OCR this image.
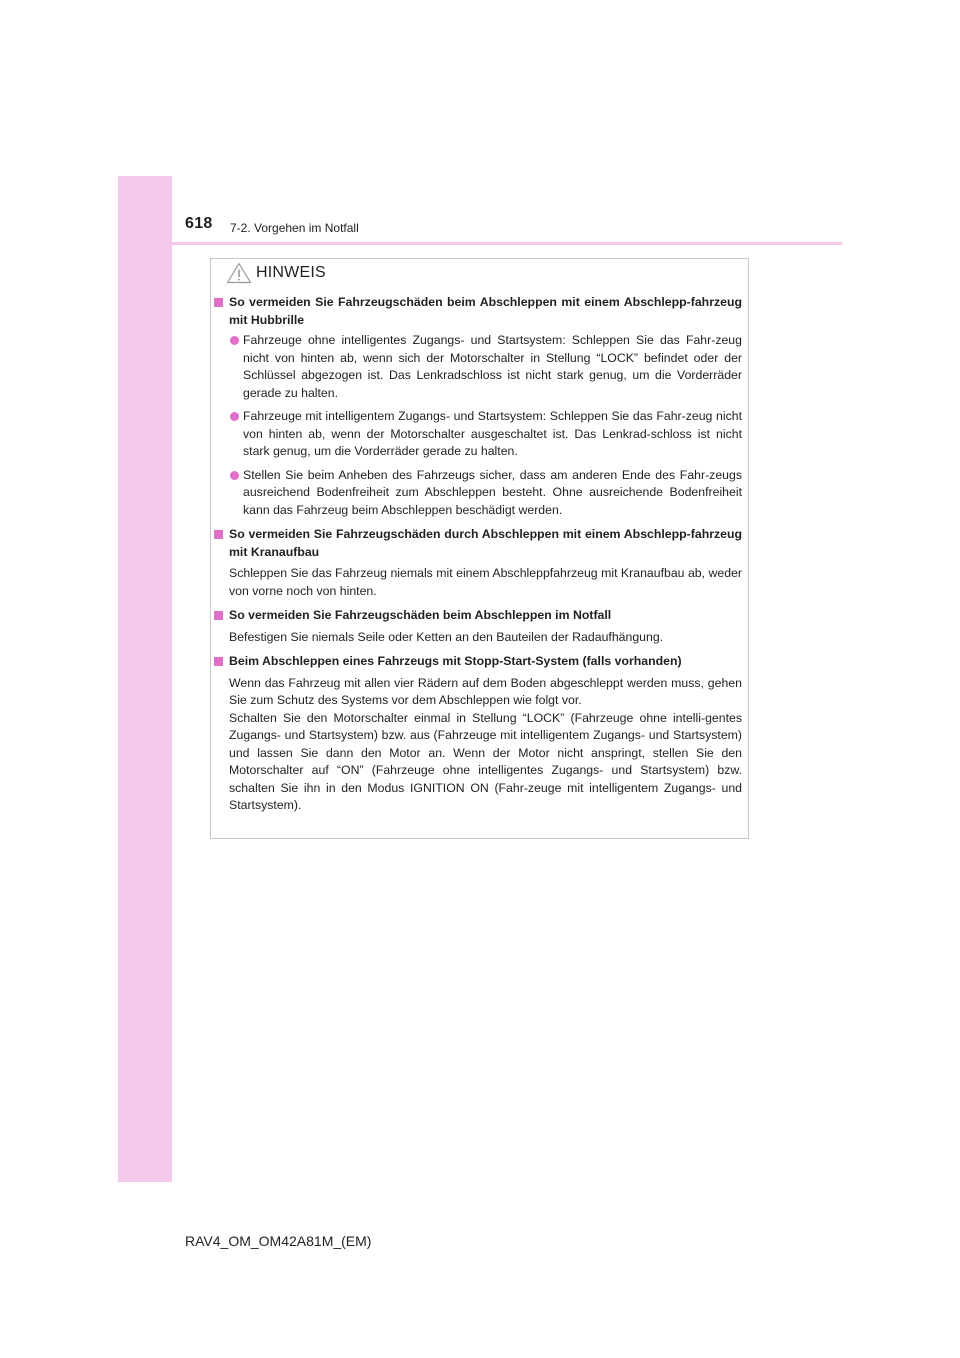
618 7-2. Vorgehen im Notfall
HINWEIS
So vermeiden Sie Fahrzeugschäden beim Abschleppen mit einem Abschlepp-fahrzeug mit Hubbrille
Fahrzeuge ohne intelligentes Zugangs- und Startsystem: Schleppen Sie das Fahr-zeug nicht von hinten ab, wenn sich der Motorschalter in Stellung “LOCK” befindet oder der Schlüssel abgezogen ist. Das Lenkradschloss ist nicht stark genug, um die Vorderräder gerade zu halten.
Fahrzeuge mit intelligentem Zugangs- und Startsystem: Schleppen Sie das Fahr-zeug nicht von hinten ab, wenn der Motorschalter ausgeschaltet ist. Das Lenkrad-schloss ist nicht stark genug, um die Vorderräder gerade zu halten.
Stellen Sie beim Anheben des Fahrzeugs sicher, dass am anderen Ende des Fahr-zeugs ausreichend Bodenfreiheit zum Abschleppen besteht. Ohne ausreichende Bodenfreiheit kann das Fahrzeug beim Abschleppen beschädigt werden.
So vermeiden Sie Fahrzeugschäden durch Abschleppen mit einem Abschlepp-fahrzeug mit Kranaufbau
Schleppen Sie das Fahrzeug niemals mit einem Abschleppfahrzeug mit Kranaufbau ab, weder von vorne noch von hinten.
So vermeiden Sie Fahrzeugschäden beim Abschleppen im Notfall
Befestigen Sie niemals Seile oder Ketten an den Bauteilen der Radaufhängung.
Beim Abschleppen eines Fahrzeugs mit Stopp-Start-System (falls vorhanden)
Wenn das Fahrzeug mit allen vier Rädern auf dem Boden abgeschleppt werden muss, gehen Sie zum Schutz des Systems vor dem Abschleppen wie folgt vor.
Schalten Sie den Motorschalter einmal in Stellung “LOCK” (Fahrzeuge ohne intelli-gentes Zugangs- und Startsystem) bzw. aus (Fahrzeuge mit intelligentem Zugangs- und Startsystem) und lassen Sie dann den Motor an. Wenn der Motor nicht anspringt, stellen Sie den Motorschalter auf “ON” (Fahrzeuge ohne intelligentes Zugangs- und Startsystem) bzw. schalten Sie ihn in den Modus IGNITION ON (Fahr-zeuge mit intelligentem Zugangs- und Startsystem).
RAV4_OM_OM42A81M_(EM)
